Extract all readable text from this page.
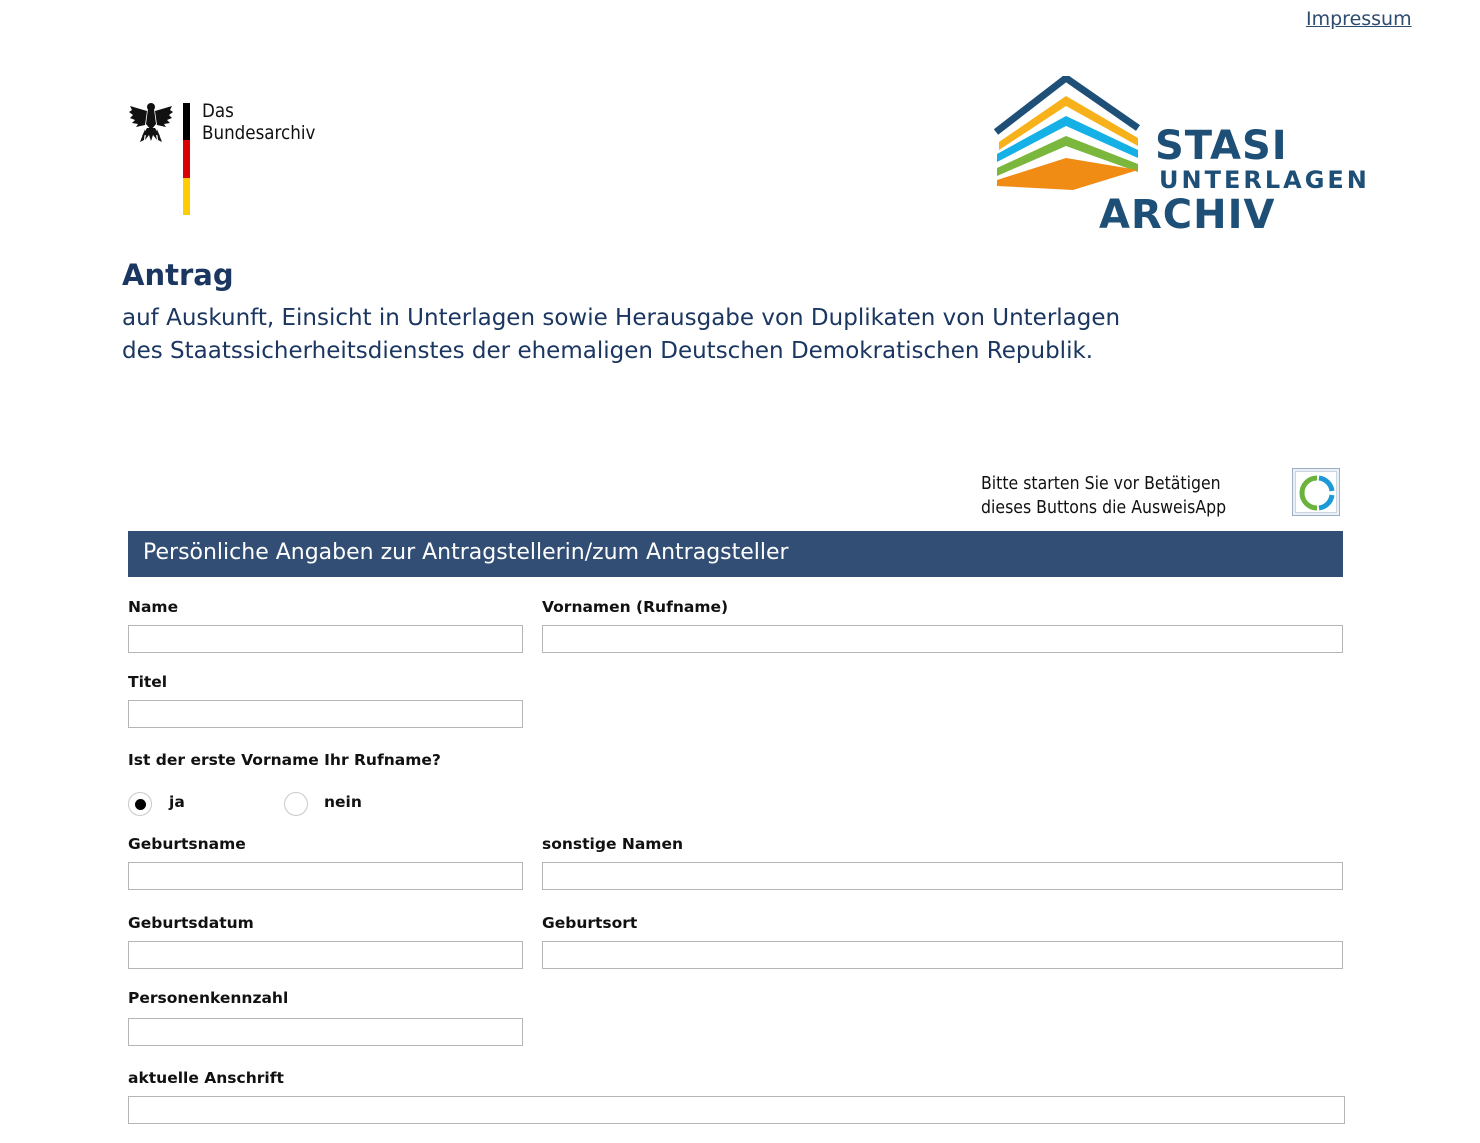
Impressum
Das
Bundesarchiv	STASI
UNTERLAGEN
ARCHIV
Antrag
auf Auskunft, Einsicht in Unterlagen sowie Herausgabe von Duplikaten von Unterlagen
des Staatssicherheitsdienstes der ehemaligen Deutschen Demokratischen Republik.
Bitte starten Sie vor Betätigen
dieses Buttons die AusweisApp
Persönliche Angaben zur Antragstellerin/zum Antragsteller
Name	Vornamen (Rufname)
Titel
Ist der erste Vorname Ihr Rufname?
ja	nein
Geburtsname	sonstige Namen
Geburtsdatum	Geburtsort
Personenkennzahl
aktuelle Anschrift
